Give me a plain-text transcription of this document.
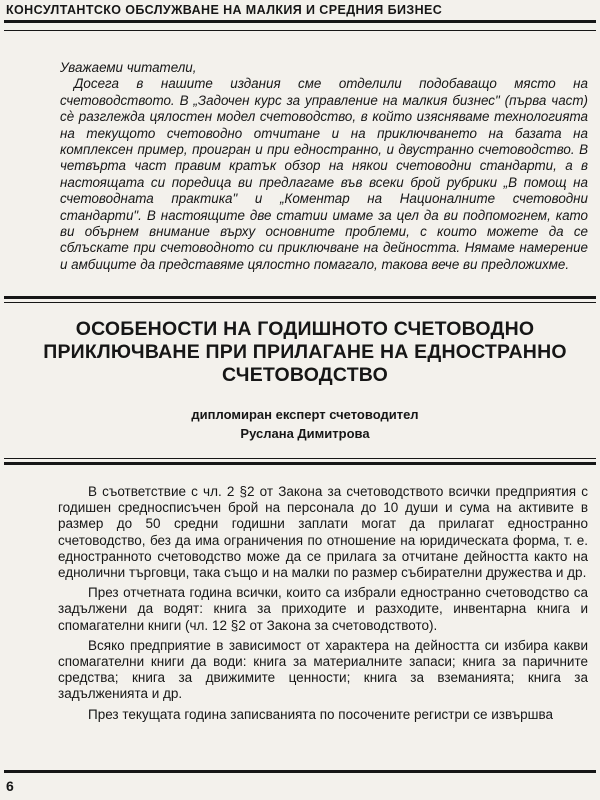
КОНСУЛТАНТСКО ОБСЛУЖВАНЕ НА МАЛКИЯ И СРЕДНИЯ БИЗНЕС

Уважаеми читатели,

Досега в нашите издания сме отделили подобаващо място на счетоводството. В „Задочен курс за управление на малкия бизнес" (първа част) сѐ разглежда цялостен модел счетоводство, в който изясняваме технологията на текущото счетоводно отчитане и на приключването на базата на комплексен пример, проигран и при едностранно, и двустранно счетоводство. В четвърта част правим кратък обзор на някои счетоводни стандарти, а в настоящата си поредица ви предлагаме във всеки брой рубрики „В помощ на счетоводната практика" и „Коментар на Националните счетоводни стандарти". В настоящите две статии имаме за цел да ви подпомогнем, като ви обърнем внимание върху основните проблеми, с които можете да се сблъскате при счетоводното си приключване на дейността. Нямаме намерение и амбиците да представяме цялостно помагало, такова вече ви предложихме.

ОСОБЕНОСТИ НА ГОДИШНОТО СЧЕТОВОДНО
ПРИКЛЮЧВАНЕ ПРИ ПРИЛАГАНЕ НА ЕДНОСТРАННО
СЧЕТОВОДСТВО
дипломиран експерт счетоводител
Руслана Димитрова

В съответствие с чл. 2 §2 от Закона за счетоводството всички предприятия с годишен средносписъчен брой на персонала до 10 души и сума на активите в размер до 50 средни годишни заплати могат да прилагат едностранно счетоводство, без да има ограничения по отношение на юридическата форма, т. е. едностранното счетоводство може да се прилага за отчитане дейността както на еднолични търговци, така също и на малки по размер събирателни дружества и др.

През отчетната година всички, които са избрали едностранно счетоводство са задължени да водят: книга за приходите и разходите, инвентарна книга и спомагателни книги (чл. 12 §2 от Закона за счетоводството).

Всяко предприятие в зависимост от характера на дейността си избира какви спомагателни книги да води: книга за материалните запаси; книга за паричните средства; книга за движимите ценности; книга за вземанията; книга за задълженията и др.

През текущата година записванията по посочените регистри се извършва

6
